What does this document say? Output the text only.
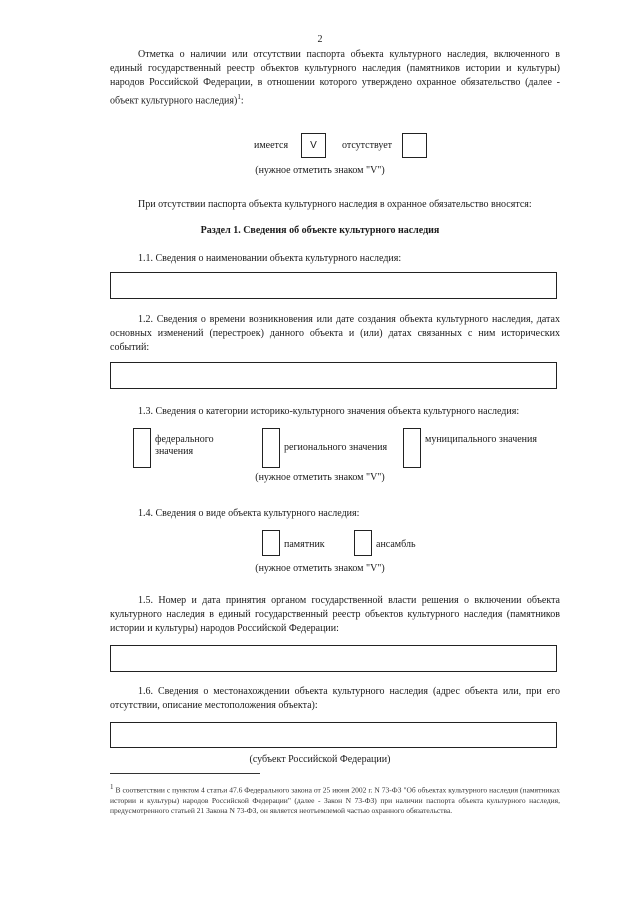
2
Отметка о наличии или отсутствии паспорта объекта культурного наследия, включенного в единый государственный реестр объектов культурного наследия (памятников истории и культуры) народов Российской Федерации, в отношении которого утверждено охранное обязательство (далее - объект культурного наследия)$^1$:
имеется	V	отсутствует
(нужное отметить знаком "V")
При отсутствии паспорта объекта культурного наследия в охранное обязательство вносятся:
Раздел 1. Сведения об объекте культурного наследия
1.1. Сведения о наименовании объекта культурного наследия:
1.2. Сведения о времени возникновения или дате создания объекта культурного наследия, датах основных изменений (перестроек) данного объекта и (или) датах связанных с ним исторических событий:
1.3. Сведения о категории историко-культурного значения объекта культурного наследия:
федерального значения	регионального значения
муниципального значения
(нужное отметить знаком "V")
1.4. Сведения о виде объекта культурного наследия:
памятник	ансамбль
(нужное отметить знаком "V")
1.5. Номер и дата принятия органом государственной власти решения о включении объекта культурного наследия в единый государственный реестр объектов культурного наследия (памятников истории и культуры) народов Российской Федерации:
1.6. Сведения о местонахождении объекта культурного наследия (адрес объекта или, при его отсутствии, описание местоположения объекта):
(субъект Российской Федерации)
$^1$ В соответствии с пунктом 4 статьи 47.6 Федерального закона от 25 июня 2002 г. N 73-ФЗ "Об объектах культурного наследия (памятниках истории и культуры) народов Российской Федерации" (далее - Закон N 73-ФЗ) при наличии паспорта объекта культурного наследия, предусмотренного статьей 21 Закона N 73-ФЗ, он является неотъемлемой частью охранного обязательства.
